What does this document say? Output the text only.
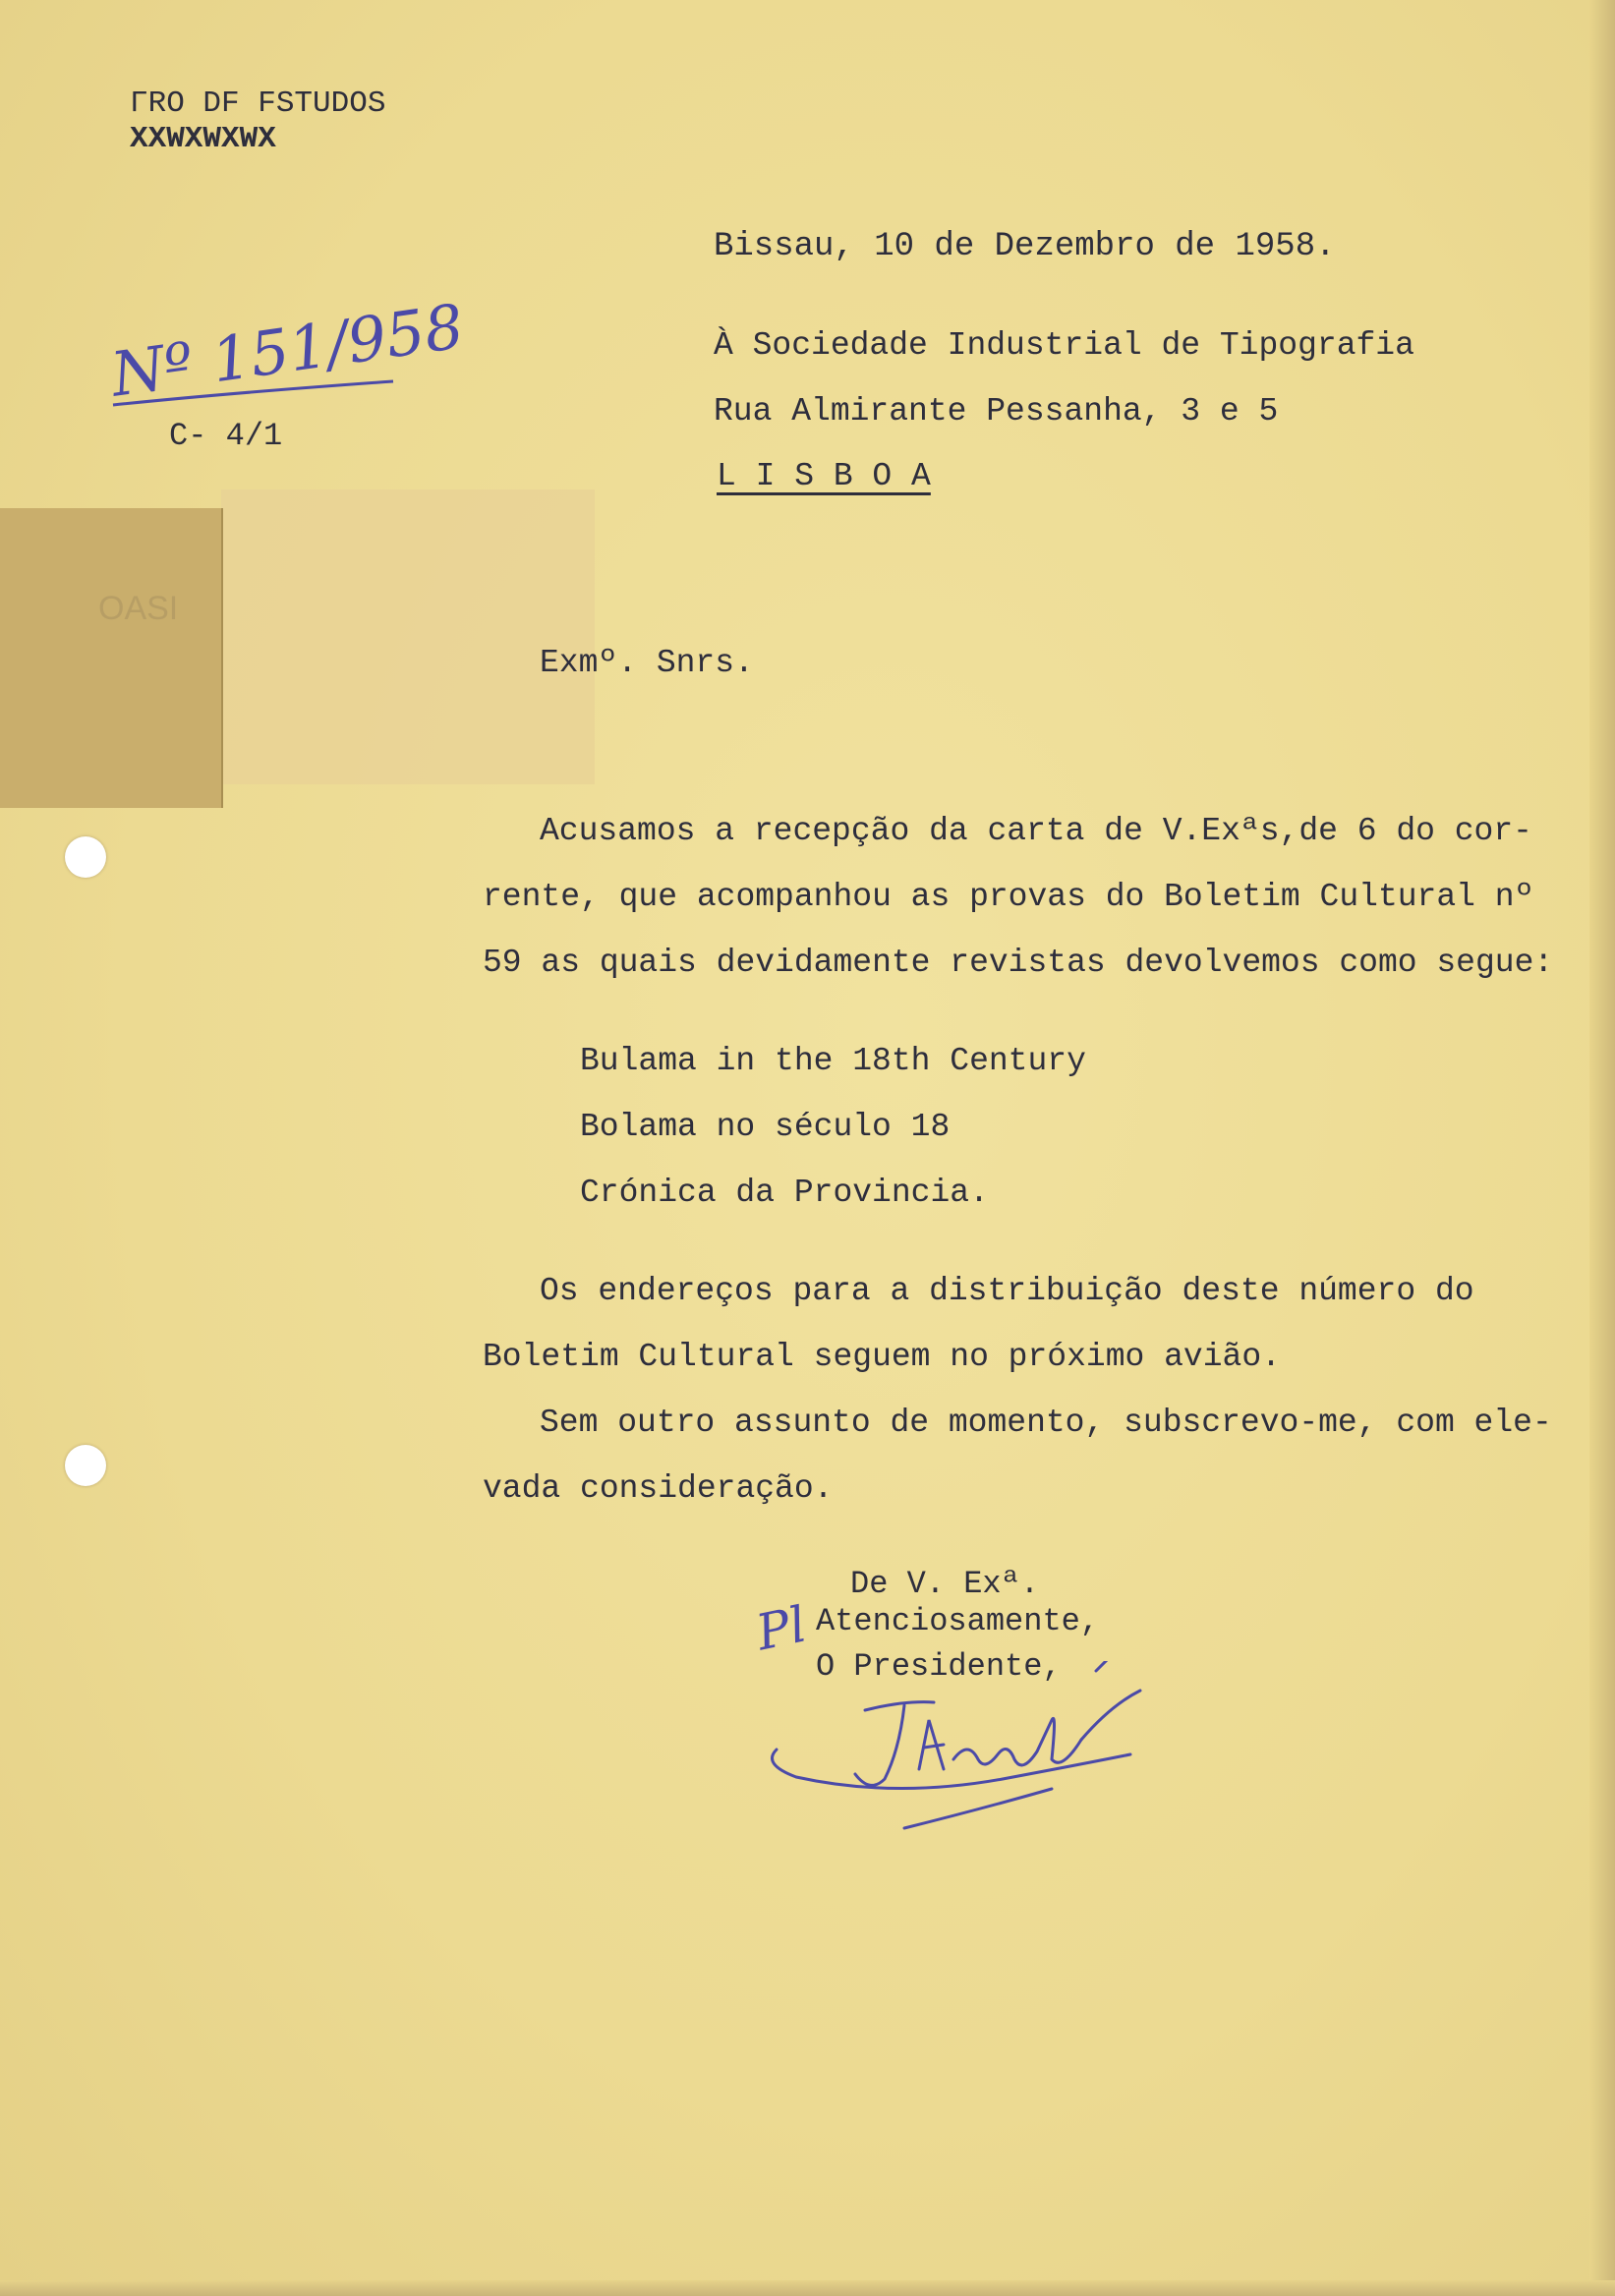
OASI
ΓRO DF FSTUDOS
XXWXWXWX
Nº 151/958
C- 4/1
Bissau, 10 de Dezembro de 1958.
À Sociedade Industrial de Tipografia
Rua Almirante Pessanha, 3 e 5
L I S B O A
Exmº. Snrs.
Acusamos a recepção da carta de V.Exªs,de 6 do cor-
rente, que acompanhou as provas do Boletim Cultural nº
59 as quais devidamente revistas devolvemos como segue:
Bulama in the 18th Century
Bolama no século 18
Crónica da Provincia.
Os endereços para a distribuição deste número do
Boletim Cultural seguem no próximo avião.
Sem outro assunto de momento, subscrevo-me, com ele-
vada consideração.
De V. Exª.
Atenciosamente,
O Presidente,
Pl
